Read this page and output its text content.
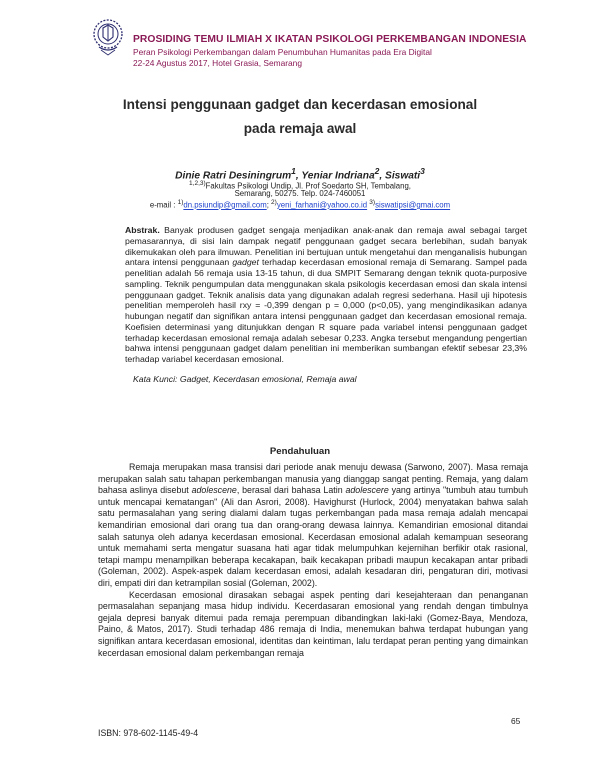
PROSIDING TEMU ILMIAH X IKATAN PSIKOLOGI PERKEMBANGAN INDONESIA
Peran Psikologi Perkembangan dalam Penumbuhan Humanitas pada Era Digital
22-24 Agustus 2017, Hotel Grasia, Semarang
Intensi penggunaan gadget dan kecerdasan emosional
pada remaja awal
Dinie Ratri Desiningrum$^1$, Yeniar Indriana$^2$, Siswati$^3$
$^{1,2,3)}$Fakultas Psikologi Undip, Jl. Prof Soedarto SH, Tembalang,
Semarang, 50275. Telp. 024-7460051
e-mail : $^{1)}$dn.psiundip@gmail.com; $^{2)}$yeni_farhani@yahoo.co.id $^{3)}$siswatipsi@gmai.com
Abstrak. Banyak produsen gadget sengaja menjadikan anak-anak dan remaja awal sebagai target pemasarannya, di sisi lain dampak negatif penggunaan gadget secara berlebihan, sudah banyak dikemukakan oleh para ilmuwan. Penelitian ini bertujuan untuk mengetahui dan menganalisis hubungan antara intensi penggunaan gadget terhadap kecerdasan emosional remaja di Semarang. Sampel pada penelitian adalah 56 remaja usia 13-15 tahun, di dua SMPIT Semarang dengan teknik quota-purposive sampling. Teknik pengumpulan data menggunakan skala psikologis kecerdasan emosi dan skala intensi penggunaan gadget. Teknik analisis data yang digunakan adalah regresi sederhana. Hasil uji hipotesis penelitian memperoleh hasil rxy = -0,399 dengan p = 0,000 (p<0,05), yang mengindikasikan adanya hubungan negatif dan signifikan antara intensi penggunaan gadget dan kecerdasan emosional remaja. Koefisien determinasi yang ditunjukkan dengan R square pada variabel intensi penggunaan gadget terhadap kecerdasan emosional remaja adalah sebesar 0,233. Angka tersebut mengandung pengertian bahwa intensi penggunaan gadget dalam penelitian ini memberikan sumbangan efektif sebesar 23,3% terhadap variabel kecerdasan emosional.
Kata Kunci: Gadget, Kecerdasan emosional, Remaja awal
Pendahuluan

Remaja merupakan masa transisi dari periode anak menuju dewasa (Sarwono, 2007). Masa remaja merupakan salah satu tahapan perkembangan manusia yang dianggap sangat penting. Remaja, yang dalam bahasa aslinya disebut adolescene, berasal dari bahasa Latin adolescere yang artinya "tumbuh atau tumbuh untuk mencapai kematangan" (Ali dan Asrori, 2008). Havighurst (Hurlock, 2004) menyatakan bahwa salah satu permasalahan yang sering dialami dalam tugas perkembangan pada masa remaja adalah mencapai kemandirian emosional dari orang tua dan orang-orang dewasa lainnya. Kemandirian emosional ditandai salah satunya oleh adanya kecerdasan emosional. Kecerdasan emosional adalah kemampuan seseorang untuk memahami serta mengatur suasana hati agar tidak melumpuhkan kejernihan berfikir otak rasional, tetapi mampu menampilkan beberapa kecakapan, baik kecakapan pribadi maupun kecakapan antar pribadi (Goleman, 2002). Aspek-aspek dalam kecerdasan emosi, adalah kesadaran diri, pengaturan diri, motivasi diri, empati diri dan ketrampilan sosial (Goleman, 2002).

Kecerdasan emosional dirasakan sebagai aspek penting dari kesejahteraan dan penanganan permasalahan sepanjang masa hidup individu. Kecerdasaran emosional yang rendah dengan timbulnya gejala depresi banyak ditemui pada remaja perempuan dibandingkan laki-laki (Gomez-Baya, Mendoza, Paino, & Matos, 2017). Studi terhadap 486 remaja di India, menemukan bahwa terdapat hubungan yang signifikan antara kecerdasan emosional, identitas dan keintiman, lalu terdapat peran penting yang dimainkan kecerdasan emosional dalam perkembangan remaja

65
ISBN: 978-602-1145-49-4
